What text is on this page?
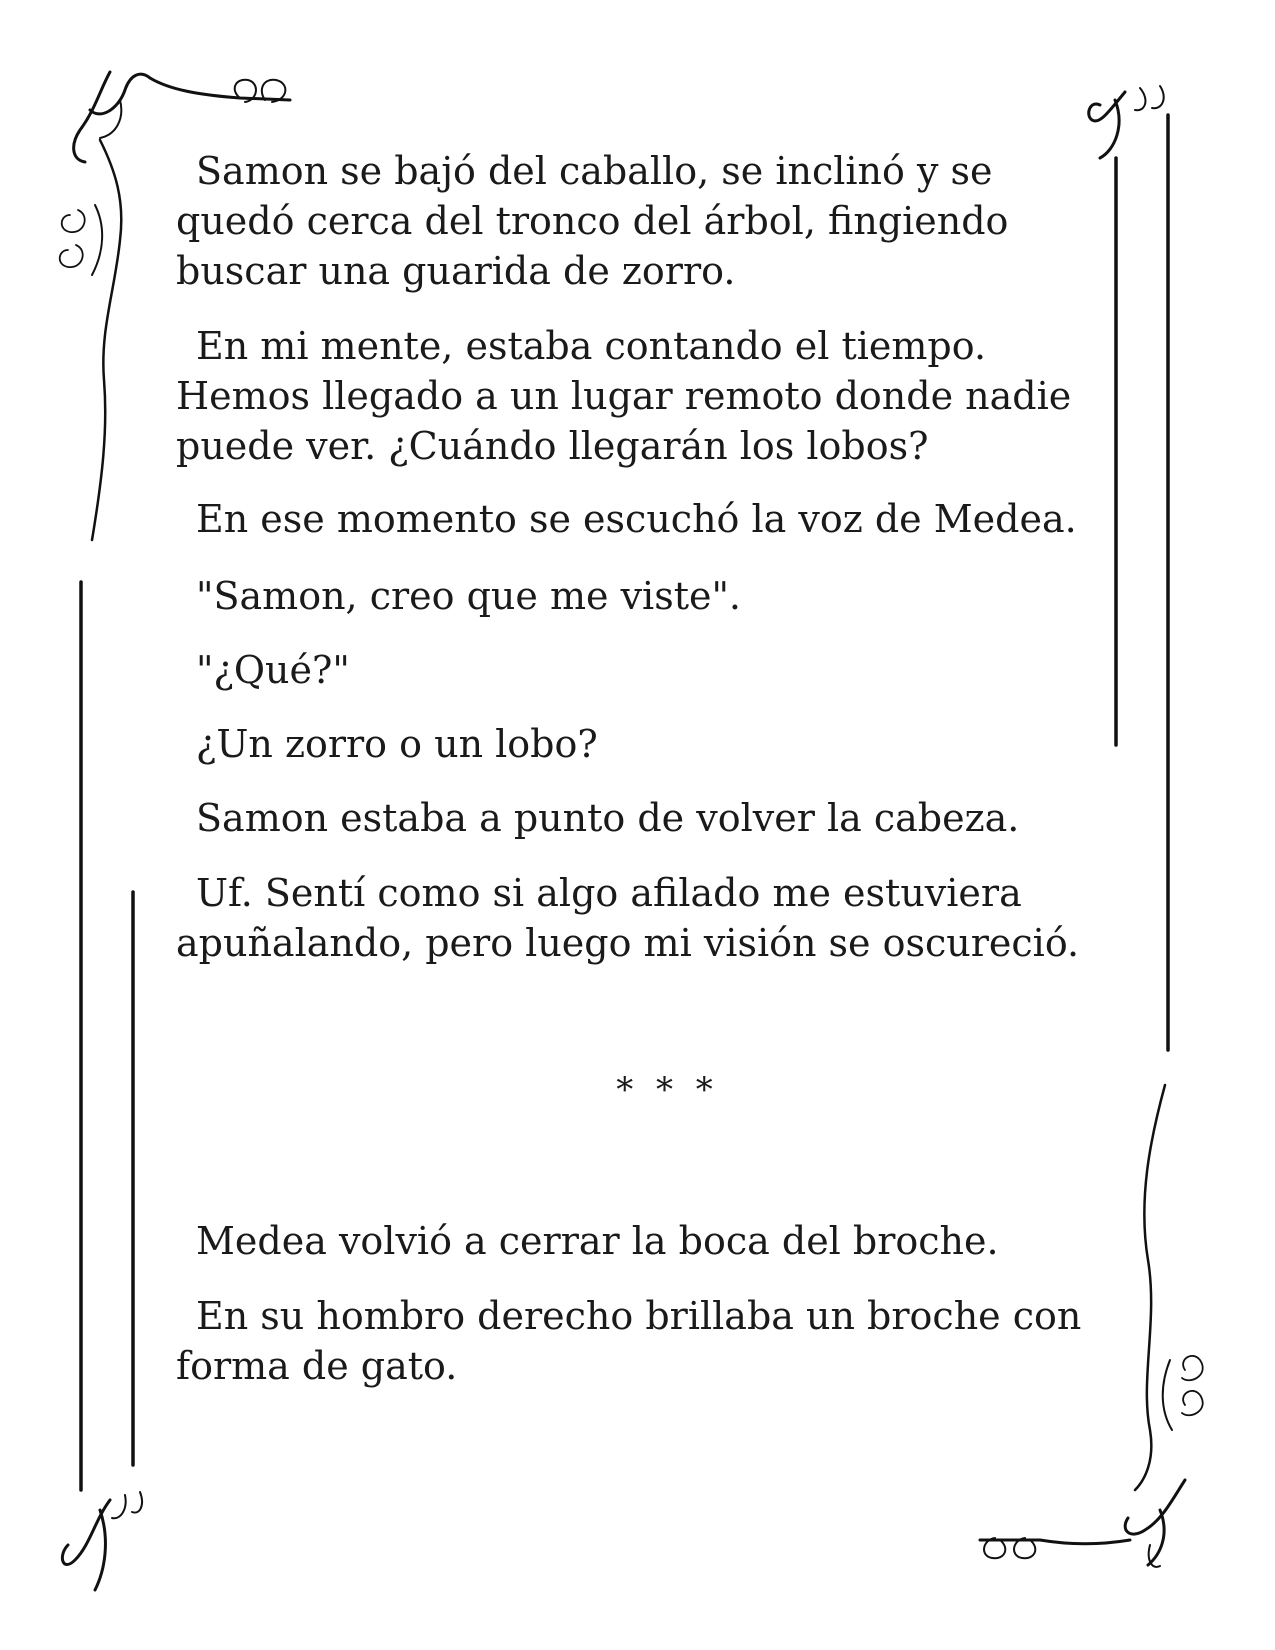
Samon se bajó del caballo, se inclinó y se
quedó cerca del tronco del árbol, fingiendo
buscar una guarida de zorro.

En mi mente, estaba contando el tiempo.
Hemos llegado a un lugar remoto donde nadie
puede ver. ¿Cuándo llegarán los lobos?

En ese momento se escuchó la voz de Medea.

"Samon, creo que me viste".

"¿Qué?"

¿Un zorro o un lobo?

Samon estaba a punto de volver la cabeza.

Uf. Sentí como si algo afilado me estuviera
apuñalando, pero luego mi visión se oscureció.

Medea volvió a cerrar la boca del broche.

En su hombro derecho brillaba un broche con
forma de gato.

* * *
